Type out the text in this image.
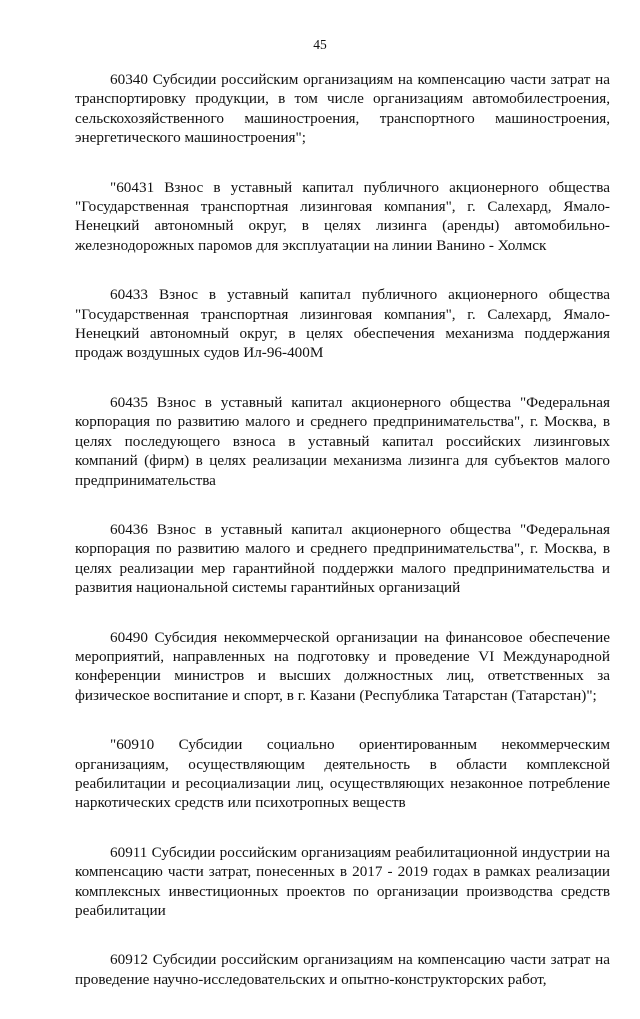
45

60340 Субсидии российским организациям на компенсацию части затрат на транспортировку продукции, в том числе организациям автомобилестроения, сельскохозяйственного машиностроения, транспортного машиностроения, энергетического машиностроения";

"60431 Взнос в уставный капитал публичного акционерного общества "Государственная транспортная лизинговая компания", г. Салехард, Ямало-Ненецкий автономный округ, в целях лизинга (аренды) автомобильно-железнодорожных паромов для эксплуатации на линии Ванино - Холмск

60433 Взнос в уставный капитал публичного акционерного общества "Государственная транспортная лизинговая компания", г. Салехард, Ямало-Ненецкий автономный округ, в целях обеспечения механизма поддержания продаж воздушных судов Ил-96-400М

60435 Взнос в уставный капитал акционерного общества "Федеральная корпорация по развитию малого и среднего предпринимательства", г. Москва, в целях последующего взноса в уставный капитал российских лизинговых компаний (фирм) в целях реализации механизма лизинга для субъектов малого предпринимательства

60436 Взнос в уставный капитал акционерного общества "Федеральная корпорация по развитию малого и среднего предпринимательства", г. Москва, в целях реализации мер гарантийной поддержки малого предпринимательства и развития национальной системы гарантийных организаций

60490 Субсидия некоммерческой организации на финансовое обеспечение мероприятий, направленных на подготовку и проведение VI Международной конференции министров и высших должностных лиц, ответственных за физическое воспитание и спорт, в г. Казани (Республика Татарстан (Татарстан)";

"60910 Субсидии социально ориентированным некоммерческим организациям, осуществляющим деятельность в области комплексной реабилитации и ресоциализации лиц, осуществляющих незаконное потребление наркотических средств или психотропных веществ

60911 Субсидии российским организациям реабилитационной индустрии на компенсацию части затрат, понесенных в 2017 - 2019 годах в рамках реализации комплексных инвестиционных проектов по организации производства средств реабилитации

60912 Субсидии российским организациям на компенсацию части затрат на проведение научно-исследовательских и опытно-конструкторских работ,
